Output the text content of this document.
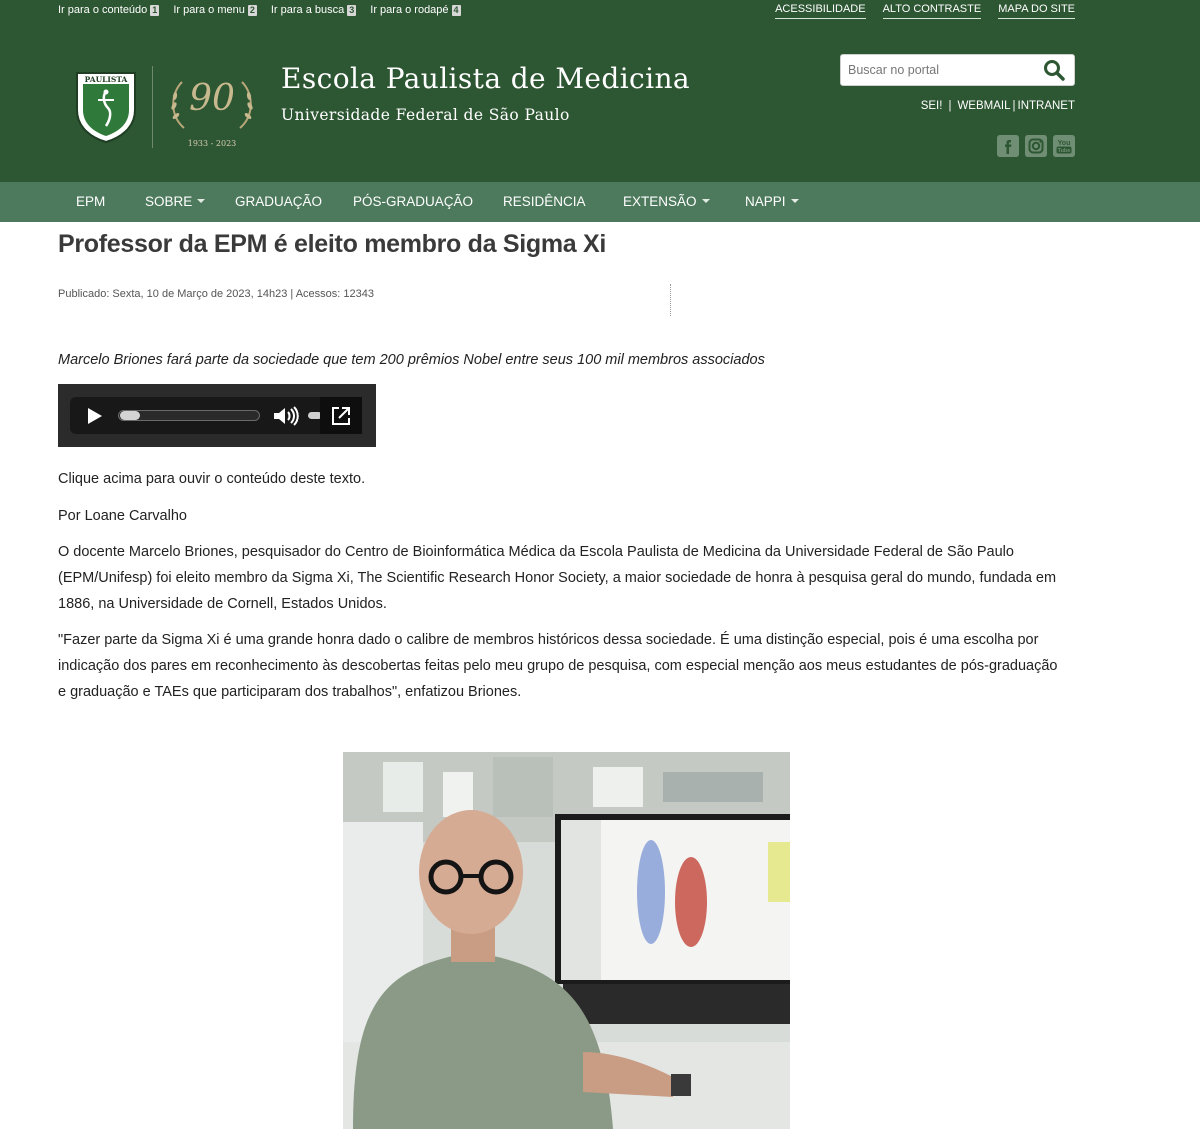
Ir para o conteúdo 1 Ir para o menu 2 Ir para a busca 3 Ir para o rodapé 4	ACESSIBILIDADE ALTO CONTRASTE MAPA DO SITE
PAULISTA 90
1933 - 2023
Escola Paulista de Medicina
Universidade Federal de São Paulo
Buscar no portal	SEI! | WEBMAIL | INTRANET
You
Tube
EPM	SOBRE	GRADUAÇÃO PÓS-GRADUAÇÃO RESIDÊNCIA	EXTENSÃO	NAPPI
Professor da EPM é eleito membro da Sigma Xi
Publicado: Sexta, 10 de Março de 2023, 14h23 | Acessos: 12343

Marcelo Briones fará parte da sociedade que tem 200 prêmios Nobel entre seus 100 mil membros associados

Clique acima para ouvir o conteúdo deste texto.

Por Loane Carvalho

O docente Marcelo Briones, pesquisador do Centro de Bioinformática Médica da Escola Paulista de Medicina da Universidade Federal de São Paulo (EPM/Unifesp) foi eleito membro da Sigma Xi, The Scientific Research Honor Society, a maior sociedade de honra à pesquisa geral do mundo, fundada em 1886, na Universidade de Cornell, Estados Unidos.

"Fazer parte da Sigma Xi é uma grande honra dado o calibre de membros históricos dessa sociedade. É uma distinção especial, pois é uma escolha por indicação dos pares em reconhecimento às descobertas feitas pelo meu grupo de pesquisa, com especial menção aos meus estudantes de pós-graduação e graduação e TAEs que participaram dos trabalhos", enfatizou Briones.
